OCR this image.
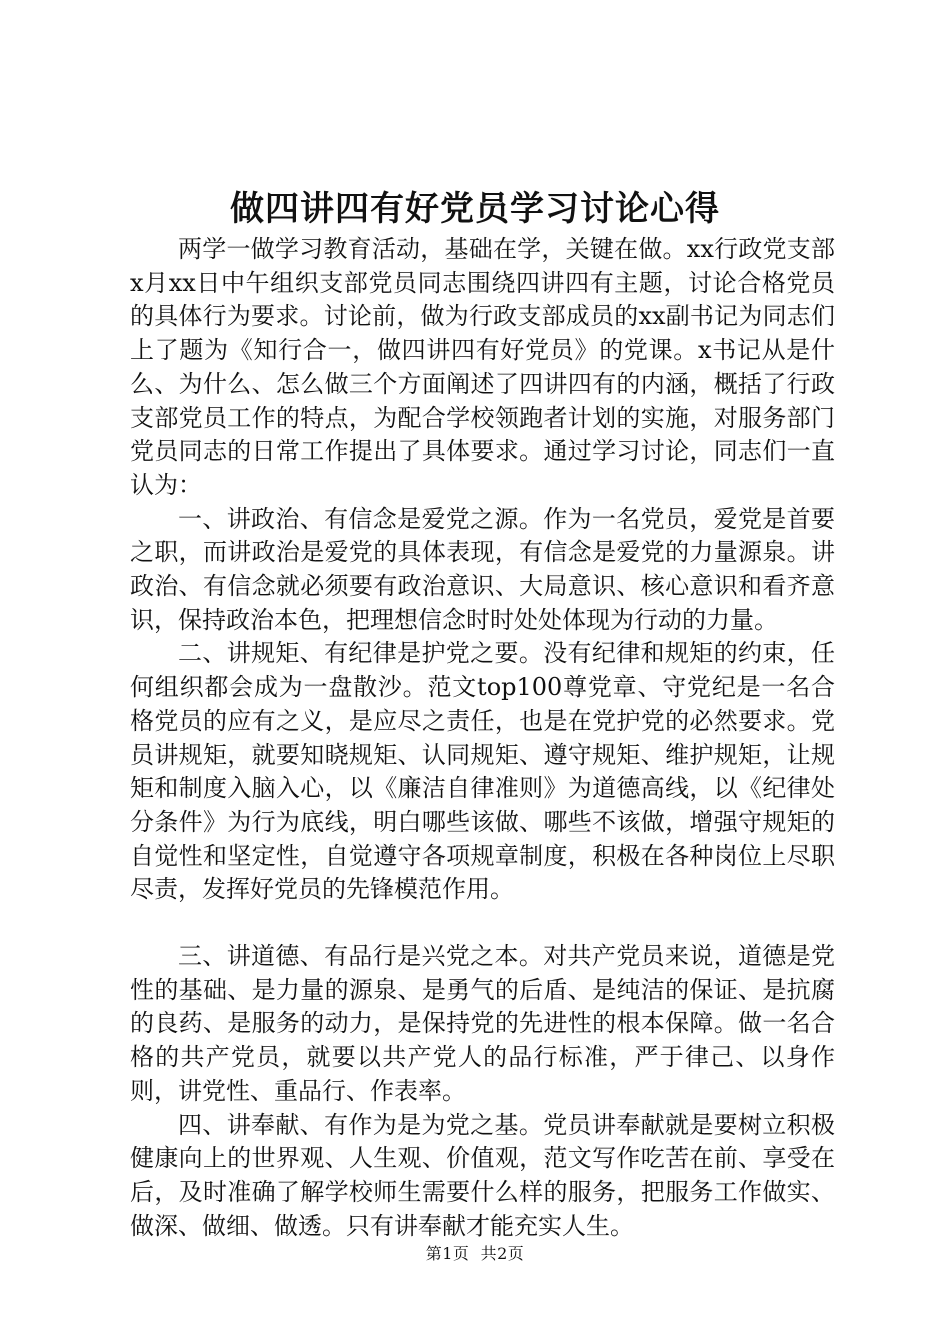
做四讲四有好党员学习讨论心得

两学一做学习教育活动，基础在学，关键在做。xx行政党支部x月xx日中午组织支部党员同志围绕四讲四有主题，讨论合格党员的具体行为要求。讨论前，做为行政支部成员的xx副书记为同志们上了题为《知行合一，做四讲四有好党员》的党课。x书记从是什么、为什么、怎么做三个方面阐述了四讲四有的内涵，概括了行政支部党员工作的特点，为配合学校领跑者计划的实施，对服务部门党员同志的日常工作提出了具体要求。通过学习讨论，同志们一直认为：

一、讲政治、有信念是爱党之源。作为一名党员，爱党是首要之职，而讲政治是爱党的具体表现，有信念是爱党的力量源泉。讲政治、有信念就必须要有政治意识、大局意识、核心意识和看齐意识，保持政治本色，把理想信念时时处处体现为行动的力量。

二、讲规矩、有纪律是护党之要。没有纪律和规矩的约束，任何组织都会成为一盘散沙。范文top100尊党章、守党纪是一名合格党员的应有之义，是应尽之责任，也是在党护党的必然要求。党员讲规矩，就要知晓规矩、认同规矩、遵守规矩、维护规矩，让规矩和制度入脑入心，以《廉洁自律准则》为道德高线，以《纪律处分条件》为行为底线，明白哪些该做、哪些不该做，增强守规矩的自觉性和坚定性，自觉遵守各项规章制度，积极在各种岗位上尽职尽责，发挥好党员的先锋模范作用。

三、讲道德、有品行是兴党之本。对共产党员来说，道德是党性的基础、是力量的源泉、是勇气的后盾、是纯洁的保证、是抗腐的良药、是服务的动力，是保持党的先进性的根本保障。做一名合格的共产党员，就要以共产党人的品行标准，严于律己、以身作则，讲党性、重品行、作表率。

四、讲奉献、有作为是为党之基。党员讲奉献就是要树立积极健康向上的世界观、人生观、价值观，范文写作吃苦在前、享受在后，及时准确了解学校师生需要什么样的服务，把服务工作做实、做深、做细、做透。只有讲奉献才能充实人生。

第1页  共2页
